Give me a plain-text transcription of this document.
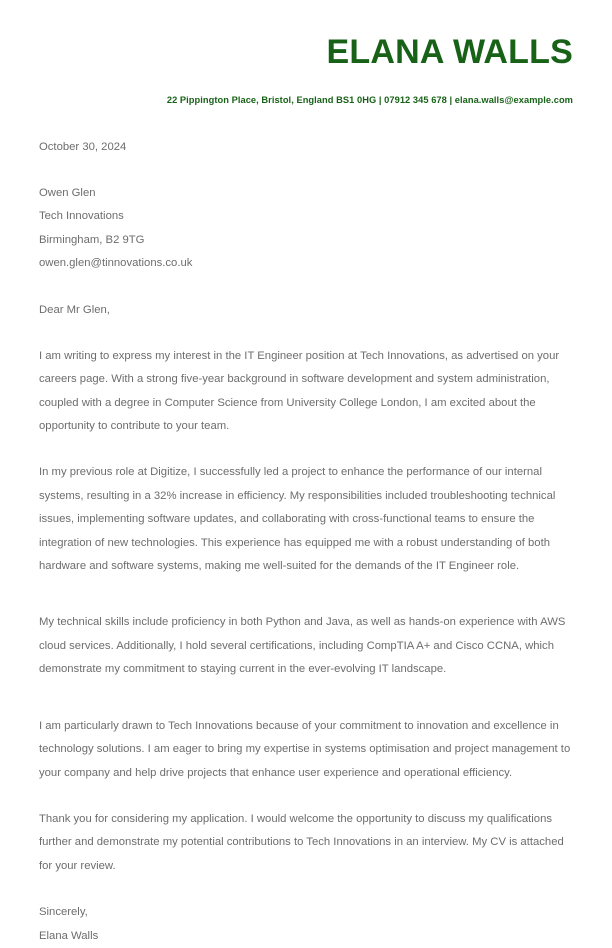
ELANA WALLS
22 Pippington Place, Bristol, England BS1 0HG | 07912 345 678 | elana.walls@example.com
October 30, 2024
Owen Glen
Tech Innovations
Birmingham, B2 9TG
owen.glen@tinnovations.co.uk
Dear Mr Glen,

I am writing to express my interest in the IT Engineer position at Tech Innovations, as advertised on your careers page. With a strong five-year background in software development and system administration, coupled with a degree in Computer Science from University College London, I am excited about the opportunity to contribute to your team.

In my previous role at Digitize, I successfully led a project to enhance the performance of our internal systems, resulting in a 32% increase in efficiency. My responsibilities included troubleshooting technical issues, implementing software updates, and collaborating with cross-functional teams to ensure the integration of new technologies. This experience has equipped me with a robust understanding of both hardware and software systems, making me well-suited for the demands of the IT Engineer role.

My technical skills include proficiency in both Python and Java, as well as hands-on experience with AWS cloud services. Additionally, I hold several certifications, including CompTIA A+ and Cisco CCNA, which demonstrate my commitment to staying current in the ever-evolving IT landscape.

I am particularly drawn to Tech Innovations because of your commitment to innovation and excellence in technology solutions. I am eager to bring my expertise in systems optimisation and project management to your company and help drive projects that enhance user experience and operational efficiency.

Thank you for considering my application. I would welcome the opportunity to discuss my qualifications further and demonstrate my potential contributions to Tech Innovations in an interview. My CV is attached for your review.

Sincerely,
Elana Walls
